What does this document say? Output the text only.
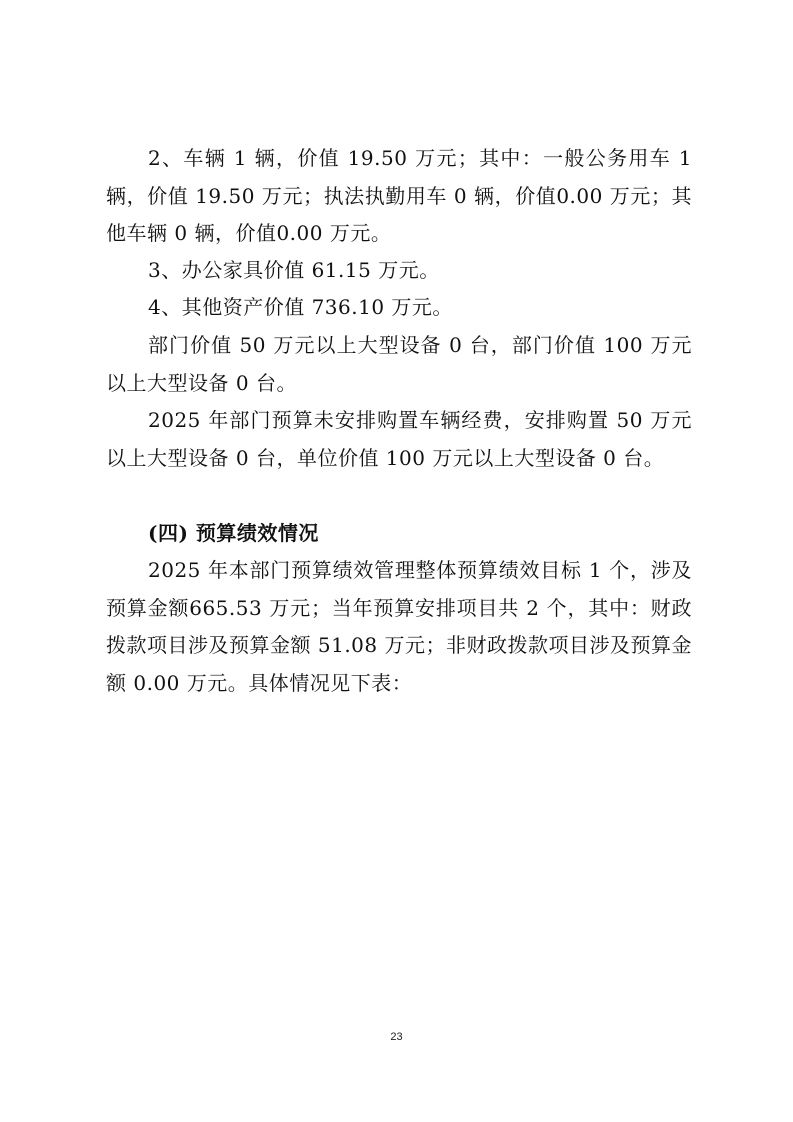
2、车辆 1 辆，价值 19.50 万元；其中：一般公务用车 1 辆，价值 19.50 万元；执法执勤用车 0 辆，价值0.00 万元；其他车辆 0 辆，价值0.00 万元。

3、办公家具价值 61.15 万元。

4、其他资产价值 736.10 万元。

部门价值 50 万元以上大型设备 0 台，部门价值 100 万元以上大型设备 0 台。

2025 年部门预算未安排购置车辆经费，安排购置 50 万元以上大型设备 0 台，单位价值 100 万元以上大型设备 0 台。

(四) 预算绩效情况

2025 年本部门预算绩效管理整体预算绩效目标 1 个，涉及预算金额665.53 万元；当年预算安排项目共 2 个，其中：财政拨款项目涉及预算金额 51.08 万元；非财政拨款项目涉及预算金额 0.00 万元。具体情况见下表：

23
